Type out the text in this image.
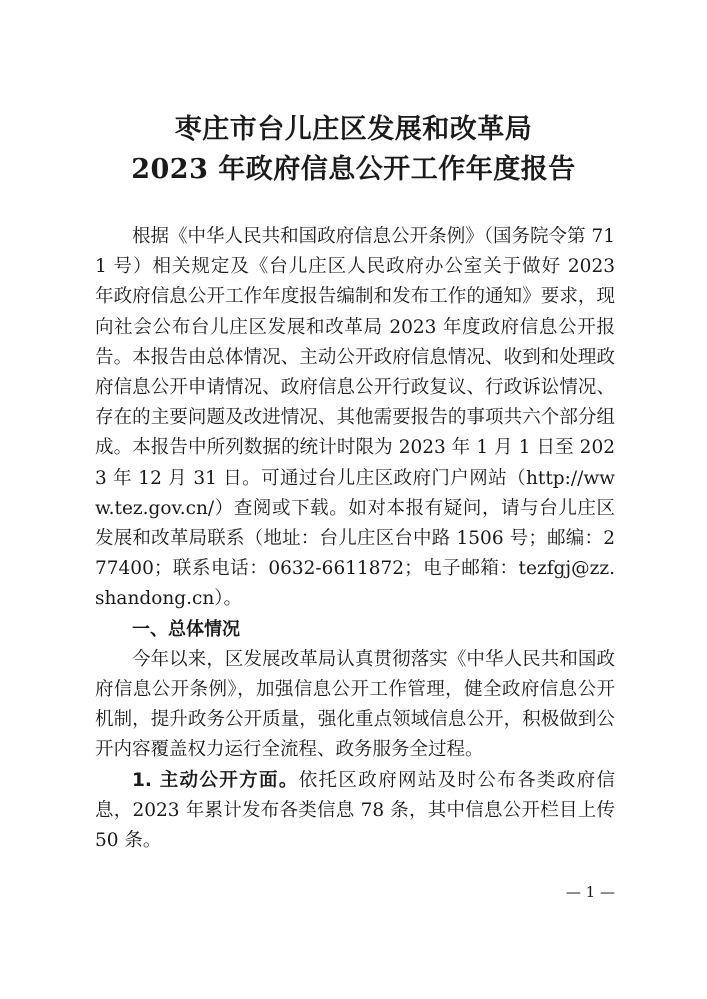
枣庄市台儿庄区发展和改革局
2023 年政府信息公开工作年度报告

根据《中华人民共和国政府信息公开条例》（国务院令第 711 号）相关规定及《台儿庄区人民政府办公室关于做好 2023 年政府信息公开工作年度报告编制和发布工作的通知》要求，现向社会公布台儿庄区发展和改革局 2023 年度政府信息公开报告。本报告由总体情况、主动公开政府信息情况、收到和处理政府信息公开申请情况、政府信息公开行政复议、行政诉讼情况、存在的主要问题及改进情况、其他需要报告的事项共六个部分组成。本报告中所列数据的统计时限为 2023 年 1 月 1 日至 2023 年 12 月 31 日。可通过台儿庄区政府门户网站（http://www.tez.gov.cn/）查阅或下载。如对本报有疑问，请与台儿庄区发展和改革局联系（地址：台儿庄区台中路 1506 号；邮编：277400；联系电话：0632-6611872；电子邮箱：tezfgj@zz.shandong.cn）。

一、总体情况

今年以来，区发展改革局认真贯彻落实《中华人民共和国政府信息公开条例》，加强信息公开工作管理，健全政府信息公开机制，提升政务公开质量，强化重点领域信息公开，积极做到公开内容覆盖权力运行全流程、政务服务全过程。

1. 主动公开方面。依托区政府网站及时公布各类政府信息，2023 年累计发布各类信息 78 条，其中信息公开栏目上传 50 条。

— 1 —
